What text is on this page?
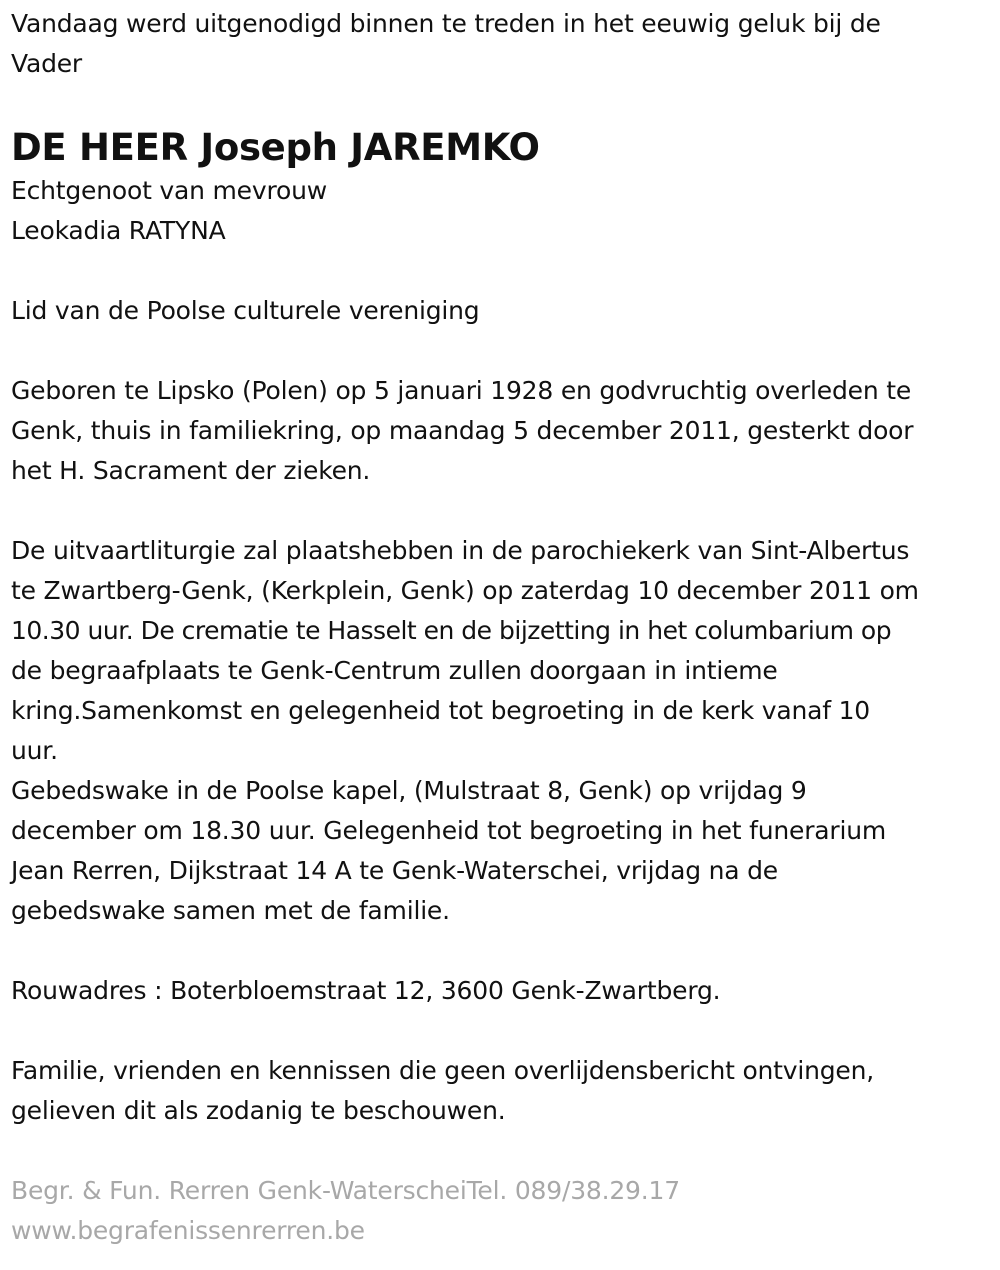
Vandaag werd uitgenodigd binnen te treden in het eeuwig geluk bij de
Vader
DE HEER Joseph JAREMKO
Echtgenoot van mevrouw
Leokadia RATYNA
Lid van de Poolse culturele vereniging
Geboren te Lipsko (Polen) op 5 januari 1928 en godvruchtig overleden te
Genk, thuis in familiekring, op maandag 5 december 2011, gesterkt door
het H. Sacrament der zieken.
De uitvaartliturgie zal plaatshebben in de parochiekerk van Sint-Albertus
te Zwartberg-Genk, (Kerkplein, Genk) op zaterdag 10 december 2011 om
10.30 uur. De crematie te Hasselt en de bijzetting in het columbarium op
de begraafplaats te Genk-Centrum zullen doorgaan in intieme
kring.Samenkomst en gelegenheid tot begroeting in de kerk vanaf 10
uur.
Gebedswake in de Poolse kapel, (Mulstraat 8, Genk) op vrijdag 9
december om 18.30 uur. Gelegenheid tot begroeting in het funerarium
Jean Rerren, Dijkstraat 14 A te Genk-Waterschei, vrijdag na de
gebedswake samen met de familie.
Rouwadres : Boterbloemstraat 12, 3600 Genk-Zwartberg.
Familie, vrienden en kennissen die geen overlijdensbericht ontvingen,
gelieven dit als zodanig te beschouwen.
Begr. & Fun. Rerren Genk-WaterscheiTel. 089/38.29.17
www.begrafenissenrerren.be
